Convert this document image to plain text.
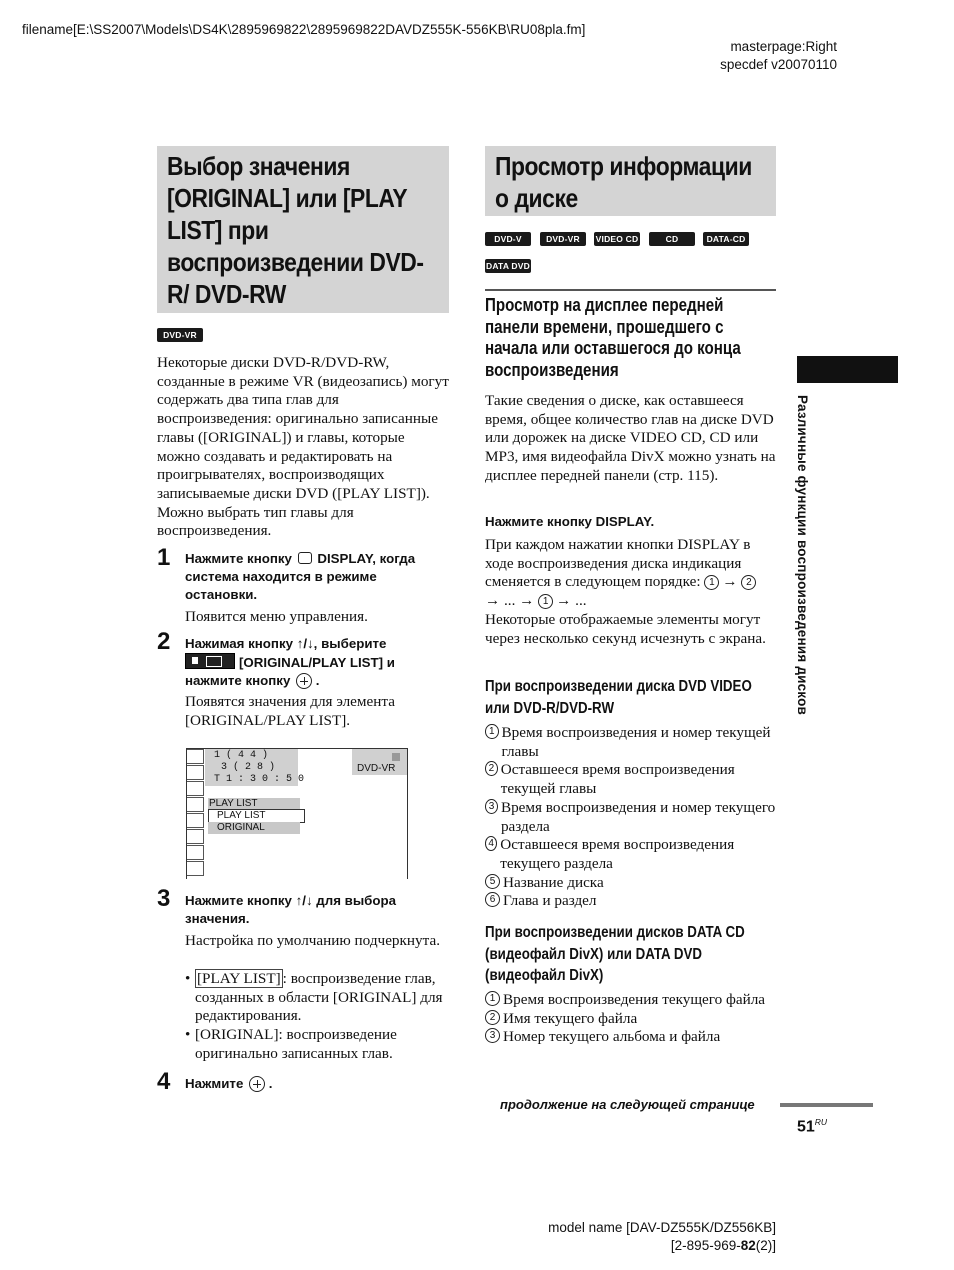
filename[E:\SS2007\Models\DS4K\2895969822\2895969822DAVDZ555K-556KB\RU08pla.fm]
masterpage:Right
specdef v20070110
Выбор значения [ORIGINAL] или [PLAY LIST] при воспроизведении DVD-R/ DVD-RW
DVD-VR
Некоторые диски DVD-R/DVD-RW, созданные в режиме VR (видеозапись) могут содержать два типа глав для воспроизведения: оригинально записанные главы ([ORIGINAL]) и главы, которые можно создавать и редактировать на проигрывателях, воспроизводящих записываемые диски DVD ([PLAY LIST]). Можно выбрать тип главы для воспроизведения.
1 Нажмите кнопку DISPLAY, когда система находится в режиме остановки.
Появится меню управления.
2 Нажимая кнопку ↑/↓, выберите

[ORIGINAL/PLAY LIST] и нажмите кнопку  .
Появятся значения для элемента [ORIGINAL/PLAY LIST].
1 ( 4 4 )
3 ( 2 8 )
T 1 : 3 0 : 5 0
DVD-VR
PLAY LIST
PLAY LIST
ORIGINAL
3 Нажмите кнопку ↑/↓ для выбора значения.
Настройка по умолчанию подчеркнута.
• [PLAY LIST] : воспроизведение глав, созданных в области [ORIGINAL] для редактирования.
• [ORIGINAL]: воспроизведение оригинально записанных глав.
4 Нажмите  .
Просмотр информации о диске
DVD-V	DVD-VR	VIDEO CD	CD	DATA-CD
DATA DVD
Просмотр на дисплее передней панели времени, прошедшего с начала или оставшегося до конца воспроизведения
Такие сведения о диске, как оставшееся время, общее количество глав на диске DVD или дорожек на диске VIDEO CD, CD или MP3, имя видеофайла DivX можно узнать на дисплее передней панели (стр. 115).
Нажмите кнопку DISPLAY.
При каждом нажатии кнопки DISPLAY в ходе воспроизведения диска индикация сменяется в следующем порядке: 1 → 2
→ ... → 1 → ...
Некоторые отображаемые элементы могут через несколько секунд исчезнуть с экрана.
При воспроизведении диска DVD VIDEO или DVD-R/DVD-RW
1 Время воспроизведения и номер текущей главы
2 Оставшееся время воспроизведения текущей главы
3 Время воспроизведения и номер текущего раздела
4 Оставшееся время воспроизведения текущего раздела
5 Название диска
6 Глава и раздел
При воспроизведении дисков DATA CD (видеофайл DivX) или DATA DVD (видеофайл DivX)
1 Время воспроизведения текущего файла
2 Имя текущего файла
3 Номер текущего альбома и файла
Различные функции воспроизведения дисков
продолжение на следующей странице
$51^{RU}$
model name [DAV-DZ555K/DZ556KB]
[2-895-969-82(2)]
